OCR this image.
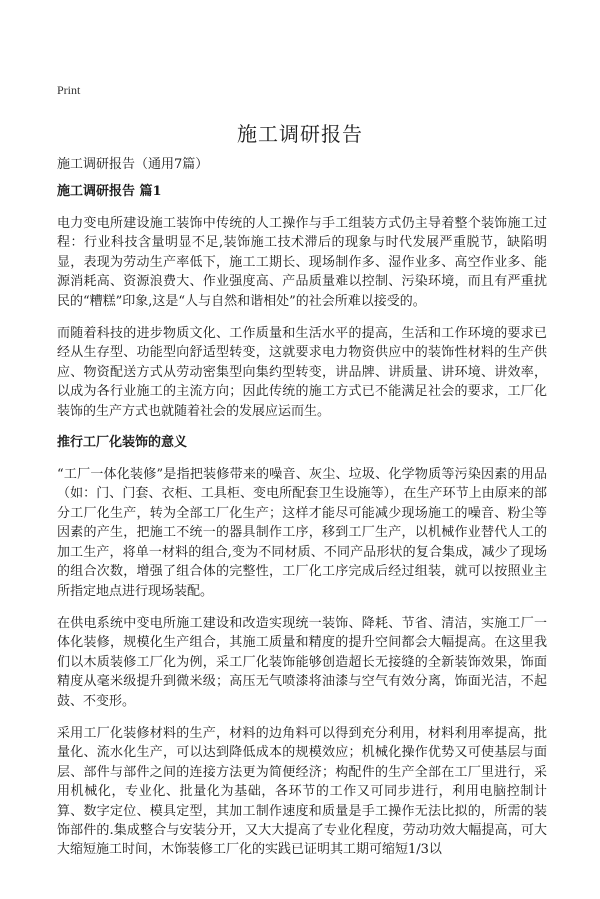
Print
施工调研报告

施工调研报告（通用7篇）

施工调研报告 篇1

电力变电所建设施工装饰中传统的人工操作与手工组装方式仍主导着整个装饰施工过程：行业科技含量明显不足,装饰施工技术滞后的现象与时代发展严重脱节，缺陷明显，表现为劳动生产率低下，施工工期长、现场制作多、湿作业多、高空作业多、能源消耗高、资源浪费大、作业强度高、产品质量难以控制、污染环境，而且有严重扰民的“糟糕”印象,这是“人与自然和谐相处”的社会所难以接受的。

而随着科技的进步物质文化、工作质量和生活水平的提高，生活和工作环境的要求已经从生存型、功能型向舒适型转变，这就要求电力物资供应中的装饰性材料的生产供应、物资配送方式从劳动密集型向集约型转变，讲品牌、讲质量、讲环境、讲效率，以成为各行业施工的主流方向；因此传统的施工方式已不能满足社会的要求，工厂化装饰的生产方式也就随着社会的发展应运而生。

推行工厂化装饰的意义

“工厂一体化装修”是指把装修带来的噪音、灰尘、垃圾、化学物质等污染因素的用品（如：门、门套、衣柜、工具柜、变电所配套卫生设施等），在生产环节上由原来的部分工厂化生产，转为全部工厂化生产；这样才能尽可能减少现场施工的噪音、粉尘等因素的产生，把施工不统一的器具制作工序，移到工厂生产，以机械作业替代人工的加工生产，将单一材料的组合,变为不同材质、不同产品形状的复合集成，减少了现场的组合次数，增强了组合体的完整性，工厂化工序完成后经过组装，就可以按照业主所指定地点进行现场装配。

在供电系统中变电所施工建设和改造实现统一装饰、降耗、节省、清洁，实施工厂一体化装修，规模化生产组合，其施工质量和精度的提升空间都会大幅提高。在这里我们以木质装修工厂化为例，采工厂化装饰能够创造超长无接缝的全新装饰效果，饰面精度从毫米级提升到微米级；高压无气喷漆将油漆与空气有效分离，饰面光洁，不起鼓、不变形。

采用工厂化装修材料的生产，材料的边角料可以得到充分利用，材料利用率提高，批量化、流水化生产，可以达到降低成本的规模效应；机械化操作优势又可使基层与面层、部件与部件之间的连接方法更为简便经济；构配件的生产全部在工厂里进行，采用机械化，专业化、批量化为基础，各环节的工作又可同步进行，利用电脑控制计算、数字定位、模具定型，其加工制作速度和质量是手工操作无法比拟的，所需的装饰部件的.集成整合与安装分开，又大大提高了专业化程度，劳动功效大幅提高，可大大缩短施工时间，木饰装修工厂化的实践已证明其工期可缩短1/3以
